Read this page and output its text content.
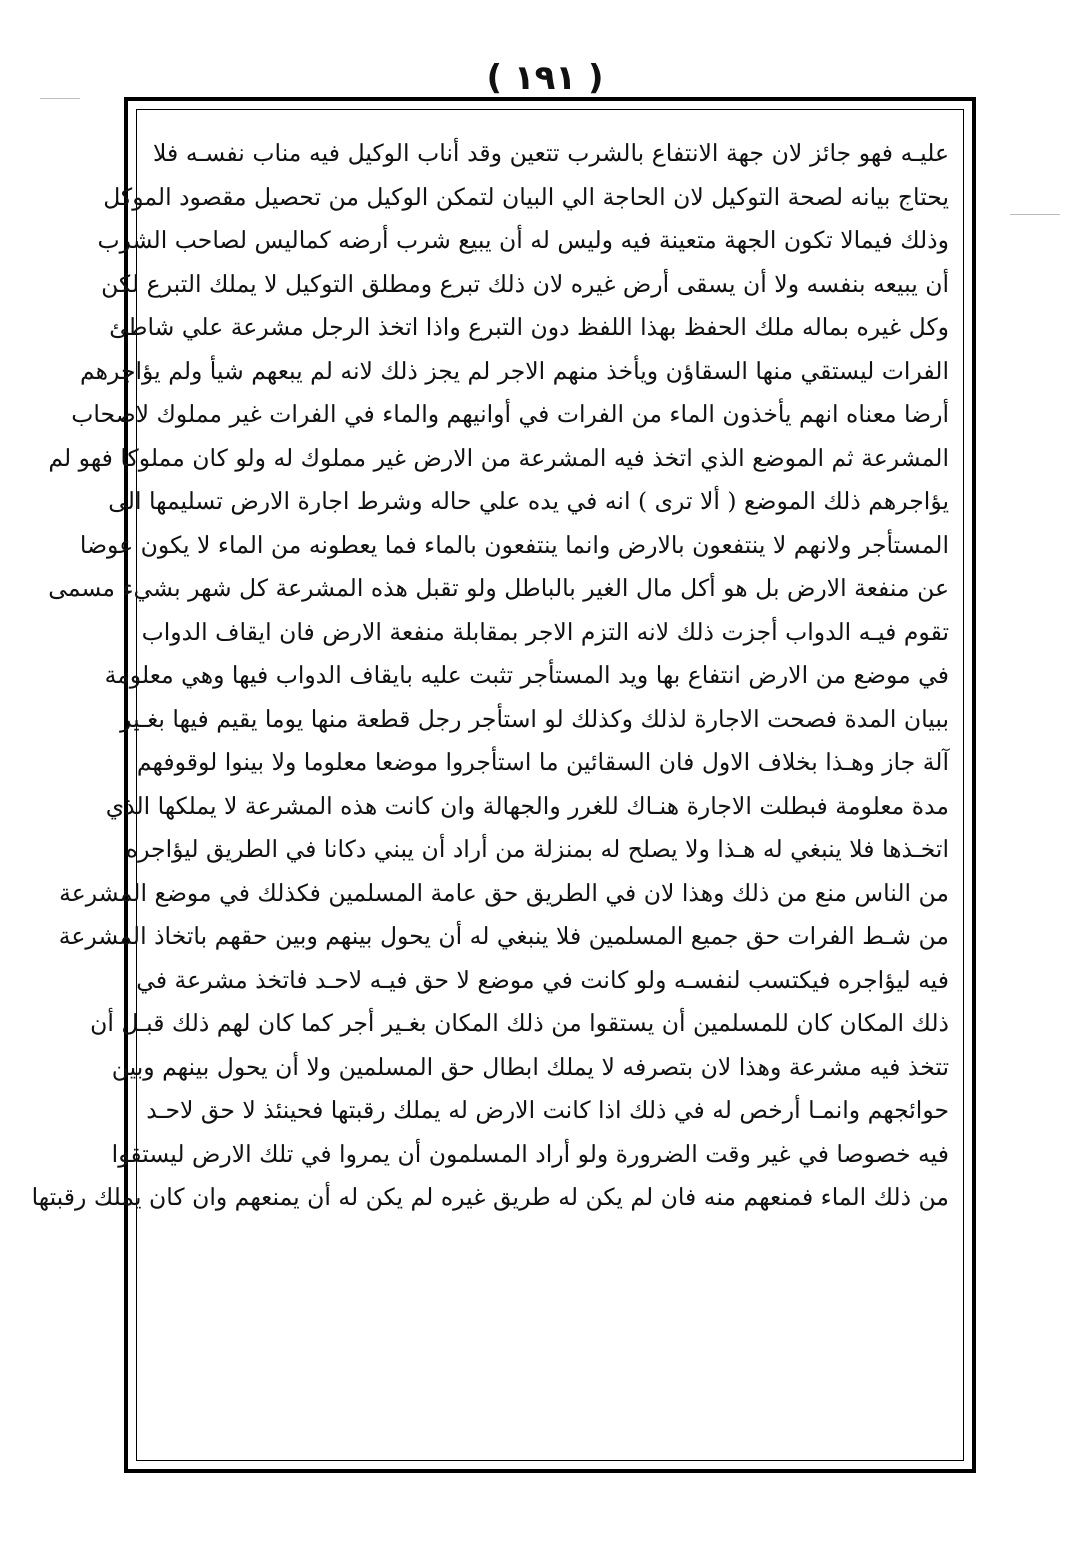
( ١٩١ )
عليـه فهو جائز لان جهة الانتفاع بالشرب تتعين وقد أناب الوكيل فيه مناب نفسـه فلا
يحتاج بيانه لصحة التوكيل لان الحاجة الي البيان لتمكن الوكيل من تحصيل مقصود الموكل
وذلك فيمالا تكون الجهة متعينة فيه وليس له أن يبيع شرب أرضه كماليس لصاحب الشرب
أن يبيعه بنفسه ولا أن يسقى أرض غيره لان ذلك تبرع ومطلق التوكيل لا يملك التبرع لكن
وكل غيره بماله ملك الحفظ بهذا اللفظ دون التبرع واذا اتخذ الرجل مشرعة علي شاطئ
الفرات ليستقي منها السقاؤن ويأخذ منهم الاجر لم يجز ذلك لانه لم يبعهم شيأ ولم يؤاجرهم
أرضا معناه انهم يأخذون الماء من الفرات في أوانيهم والماء في الفرات غير مملوك لاصحاب
المشرعة ثم الموضع الذي اتخذ فيه المشرعة من الارض غير مملوك له ولو كان مملوكا فهو لم
يؤاجرهم ذلك الموضع ( ألا ترى ) انه في يده علي حاله وشرط اجارة الارض تسليمها الى
المستأجر ولانهم لا ينتفعون بالارض وانما ينتفعون بالماء فما يعطونه من الماء لا يكون عوضا
عن منفعة الارض بل هو أكل مال الغير بالباطل ولو تقبل هذه المشرعة كل شهر بشيء مسمى
تقوم فيـه الدواب أجزت ذلك لانه التزم الاجر بمقابلة منفعة الارض فان ايقاف الدواب
في موضع من الارض انتفاع بها ويد المستأجر تثبت عليه بايقاف الدواب فيها وهي معلومة
ببيان المدة فصحت الاجارة لذلك وكذلك لو استأجر رجل قطعة منها يوما يقيم فيها بغـير
آلة جاز وهـذا بخلاف الاول فان السقائين ما استأجروا موضعا معلوما ولا بينوا لوقوفهم
مدة معلومة فبطلت الاجارة هنـاك للغرر والجهالة وان كانت هذه المشرعة لا يملكها الذي
اتخـذها فلا ينبغي له هـذا ولا يصلح له بمنزلة من أراد أن يبني دكانا في الطريق ليؤاجره
من الناس منع من ذلك وهذا لان في الطريق حق عامة المسلمين فكذلك في موضع المشرعة
من شـط الفرات حق جميع المسلمين فلا ينبغي له أن يحول بينهم وبين حقهم باتخاذ المشرعة
فيه ليؤاجره فيكتسب لنفسـه ولو كانت في موضع لا حق فيـه لاحـد فاتخذ مشرعة في
ذلك المكان كان للمسلمين أن يستقوا من ذلك المكان بغـير أجر كما كان لهم ذلك قبـل أن
تتخذ فيه مشرعة وهذا لان بتصرفه لا يملك ابطال حق المسلمين ولا أن يحول بينهم وبين
حوائجهم وانمـا أرخص له في ذلك اذا كانت الارض له يملك رقبتها فحينئذ لا حق لاحـد
فيه خصوصا في غير وقت الضرورة ولو أراد المسلمون أن يمروا في تلك الارض ليستقوا
من ذلك الماء فمنعهم منه فان لم يكن له طريق غيره لم يكن له أن يمنعهم وان كان يملك رقبتها
